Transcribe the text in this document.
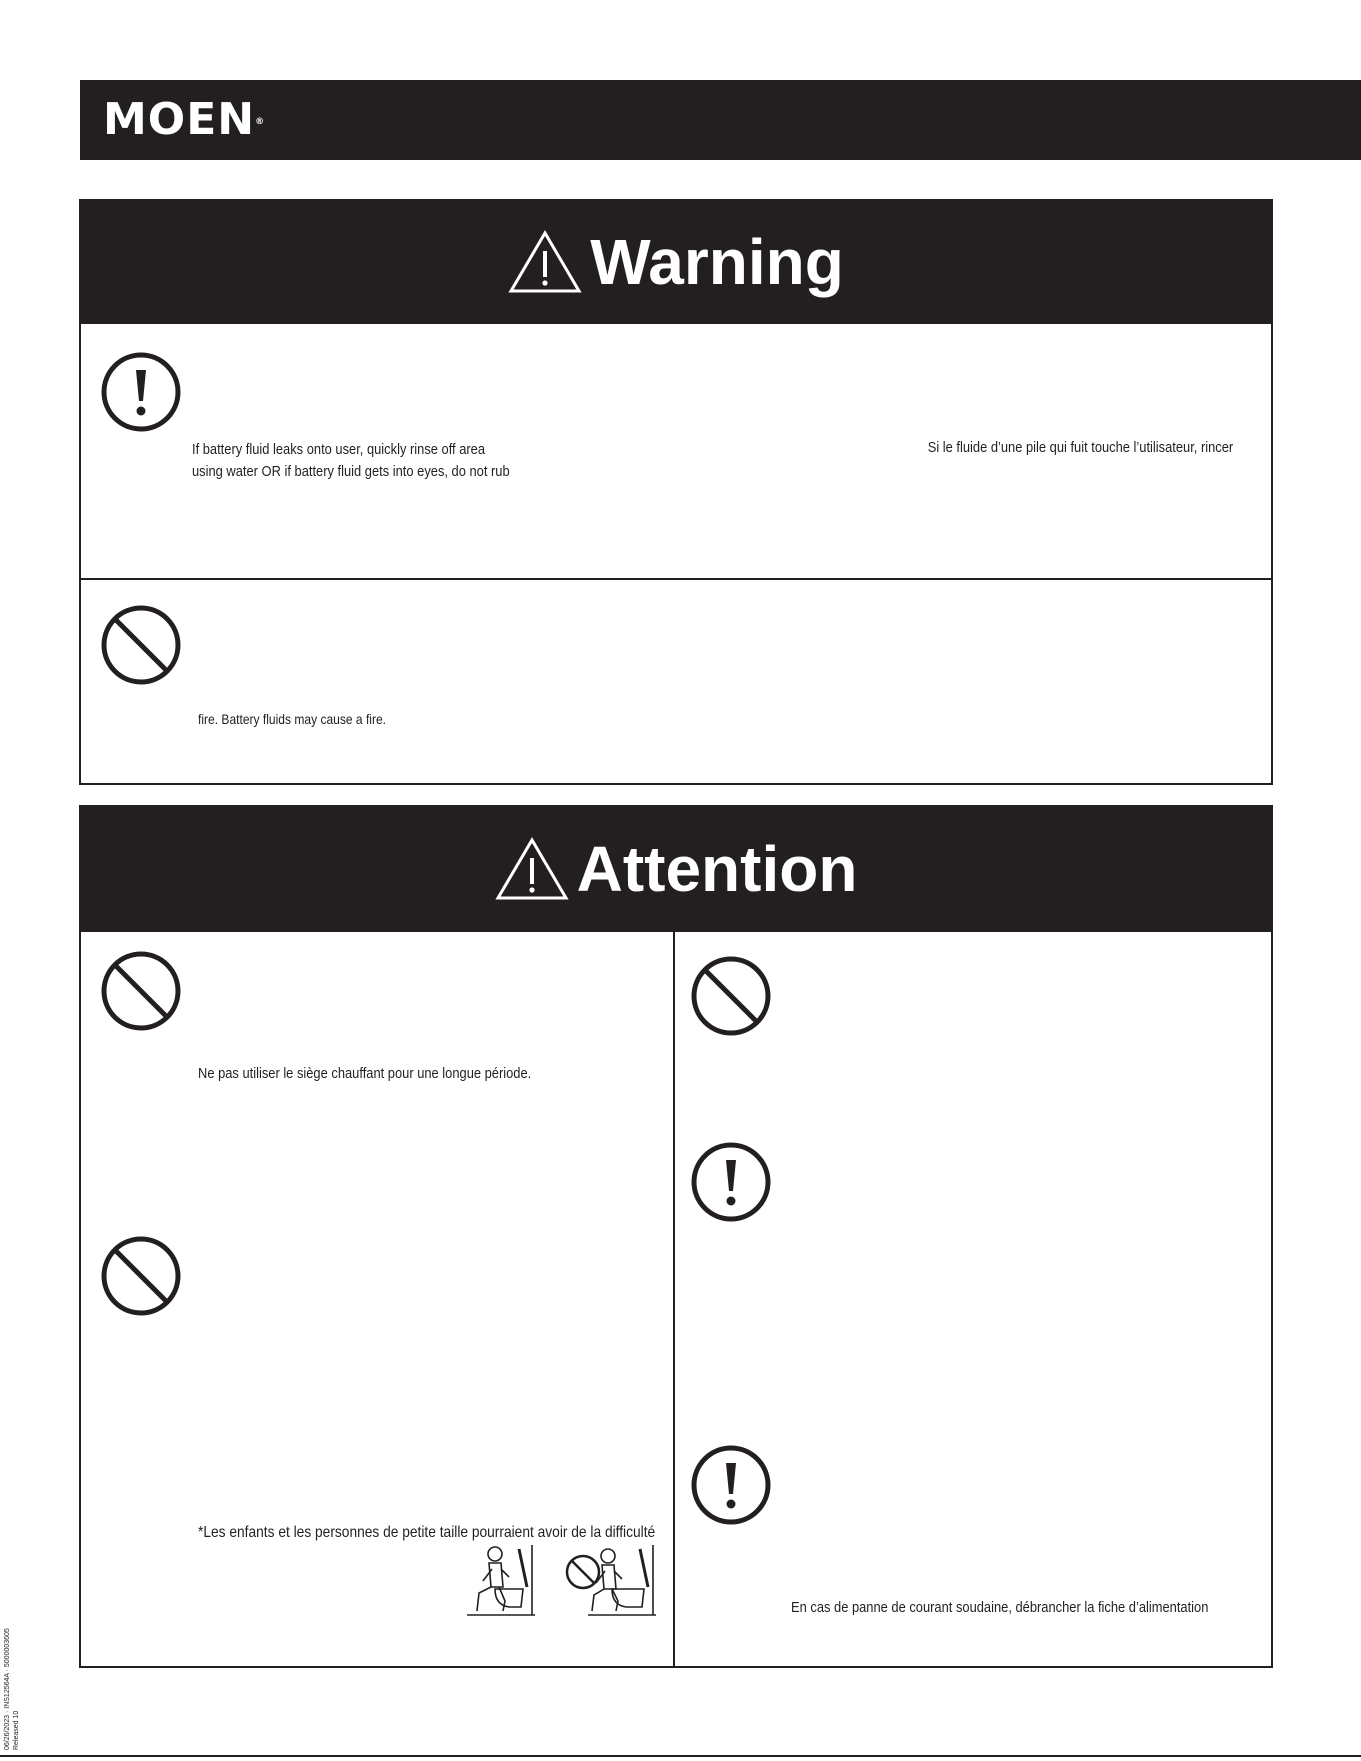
MOEN®
Warning
If battery fluid leaks onto user, quickly rinse off area
using water OR if battery fluid gets into eyes, do not rub
Si le fluide d’une pile qui fuit touche l’utilisateur, rincer
fire. Battery fluids may cause a fire.
Attention
Ne pas utiliser le siège chauffant pour une longue période.
*Les enfants et les personnes de petite taille pourraient avoir de la difficulté
En cas de panne de courant soudaine, débrancher la fiche d’alimentation
06/26/2023 · INS12564A · 5000003605 Released 10
